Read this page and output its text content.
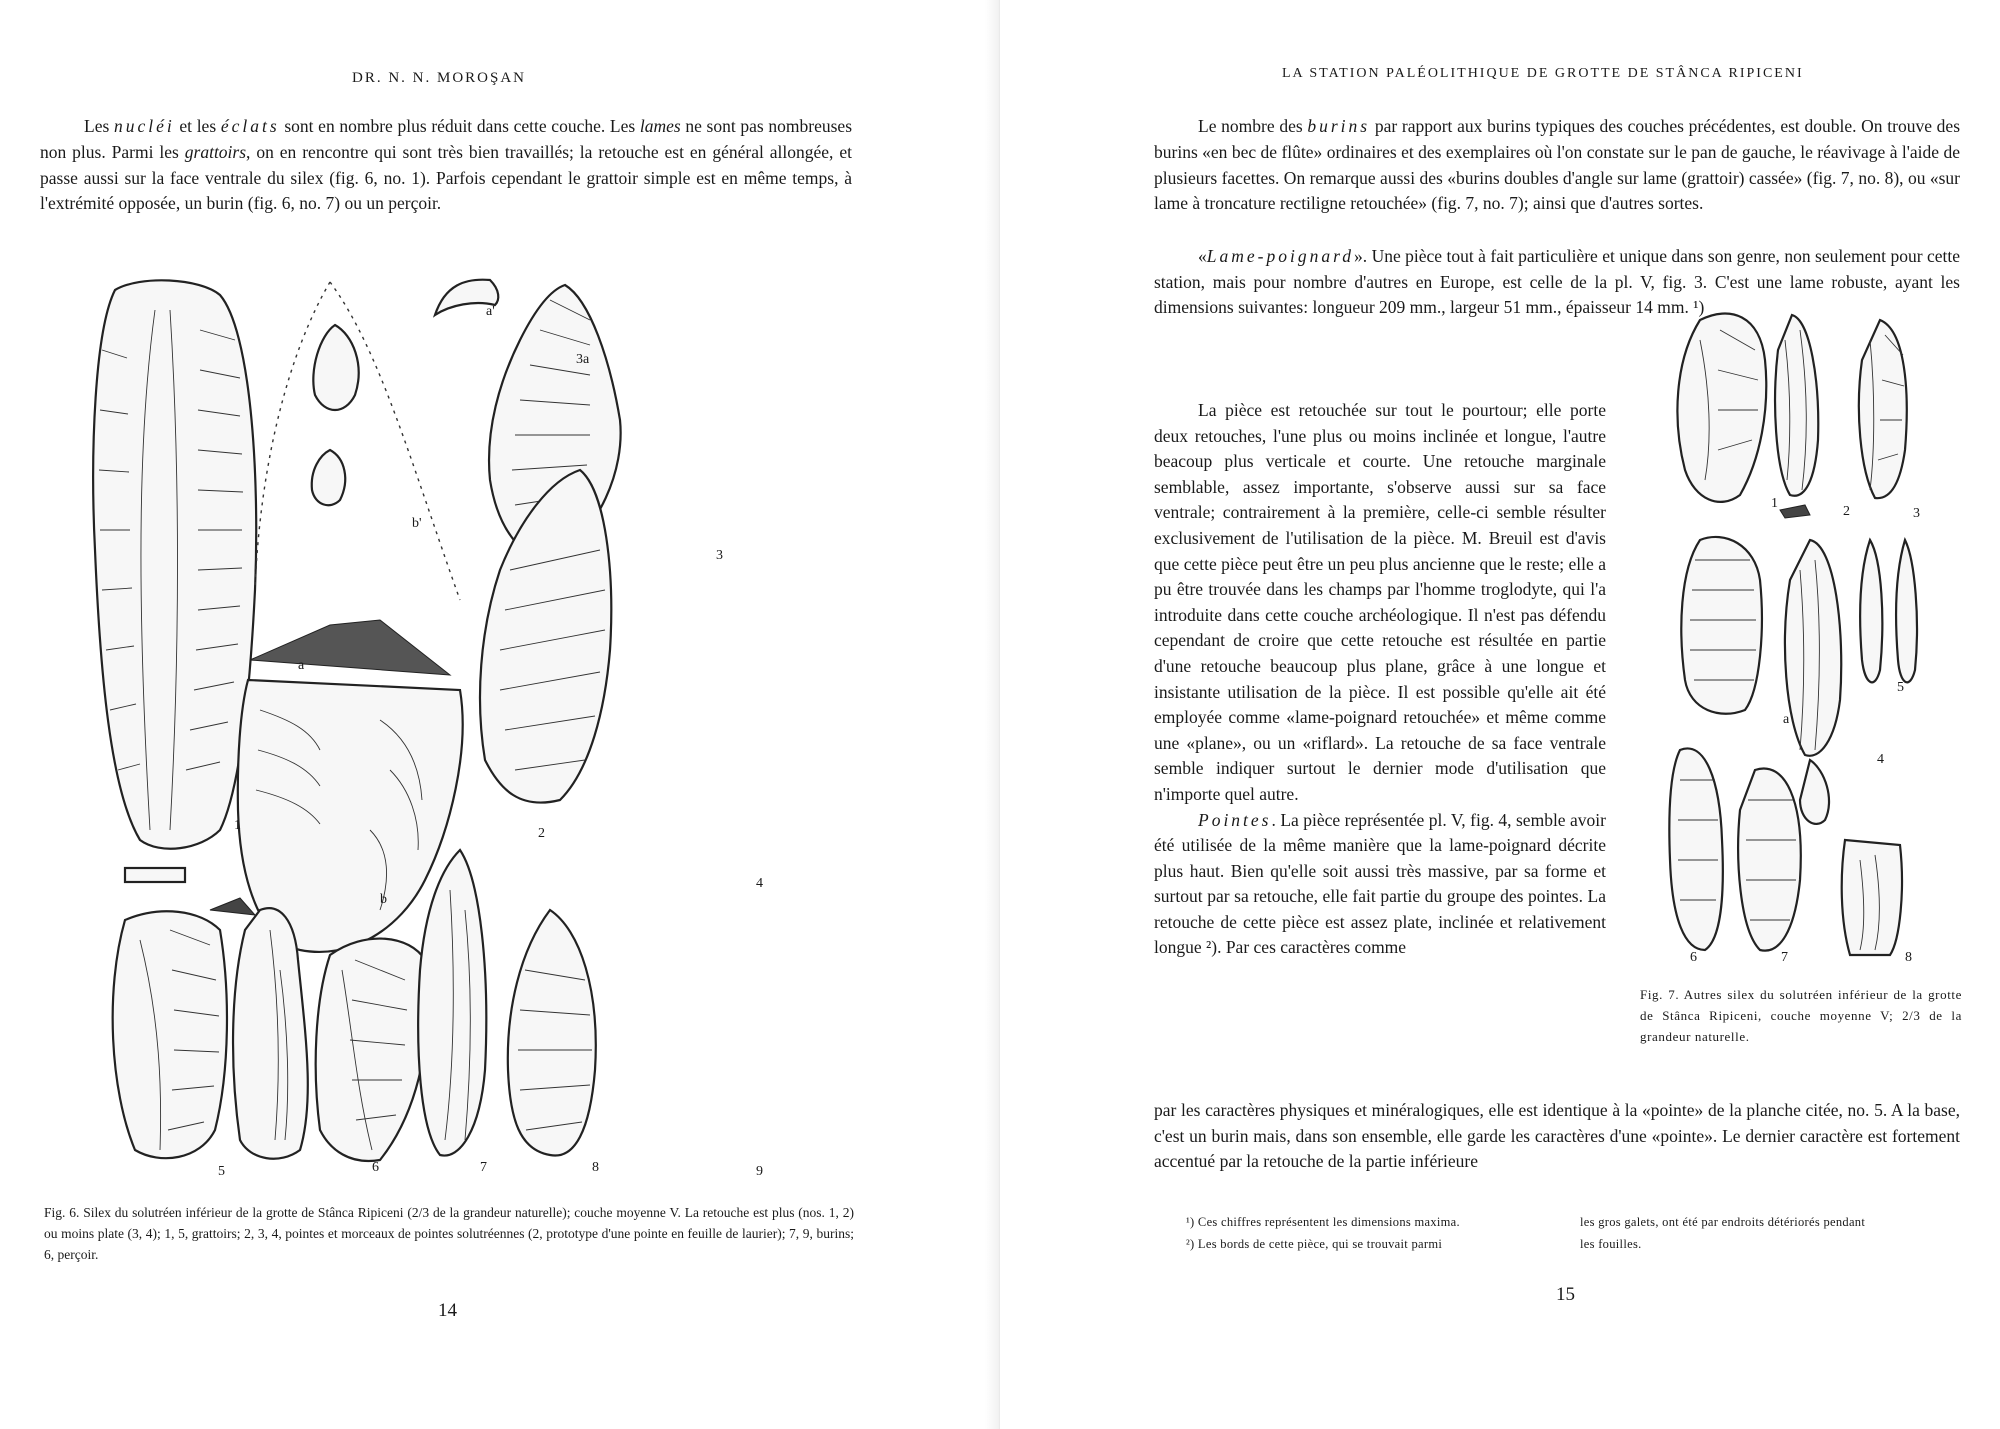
DR. N. N. MOROŞAN

Les nucléi et les éclats sont en nombre plus réduit dans cette couche. Les lames ne sont pas nombreuses non plus. Parmi les grattoirs, on en rencontre qui sont très bien travaillés; la retouche est en général allongée, et passe aussi sur la face ventrale du silex (fig. 6, no. 1). Parfois cependant le grattoir simple est en même temps, à l'extrémité opposée, un burin (fig. 6, no. 7) ou un perçoir.

1
2
3
3a
4
5	6	7	8	9
a
a'
b
b'
Fig. 6. Silex du solutréen inférieur de la grotte de Stânca Ripiceni (2/3 de la grandeur naturelle); couche moyenne V. La retouche est plus (nos. 1, 2) ou moins plate (3, 4); 1, 5, grattoirs; 2, 3, 4, pointes et morceaux de pointes solutréennes (2, prototype d'une pointe en feuille de laurier); 7, 9, burins; 6, perçoir.
14
LA STATION PALÉOLITHIQUE DE GROTTE DE STÂNCA RIPICENI

Le nombre des burins par rapport aux burins typiques des couches précédentes, est double. On trouve des burins «en bec de flûte» ordinaires et des exemplaires où l'on constate sur le pan de gauche, le réavivage à l'aide de plusieurs facettes. On remarque aussi des «burins doubles d'angle sur lame (grattoir) cassée» (fig. 7, no. 8), ou «sur lame à troncature rectiligne retouchée» (fig. 7, no. 7); ainsi que d'autres sortes.

«Lame-poignard». Une pièce tout à fait particulière et unique dans son genre, non seulement pour cette station, mais pour nombre d'autres en Europe, est celle de la pl. V, fig. 3. C'est une lame robuste, ayant les dimensions suivantes: longueur 209 mm., largeur 51 mm., épaisseur 14 mm. ¹)

La pièce est retouchée sur tout le pourtour; elle porte deux retouches, l'une plus ou moins inclinée et longue, l'autre beacoup plus verticale et courte. Une retouche marginale semblable, assez importante, s'observe aussi sur sa face ventrale; contrairement à la première, celle-ci semble résulter exclusivement de l'utilisation de la pièce. M. Breuil est d'avis que cette pièce peut être un peu plus ancienne que le reste; elle a pu être trouvée dans les champs par l'homme troglodyte, qui l'a introduite dans cette couche archéologique. Il n'est pas défendu cependant de croire que cette retouche est résultée en partie d'une retouche beaucoup plus plane, grâce à une longue et insistante utilisation de la pièce. Il est possible qu'elle ait été employée comme «lame-poignard retouchée» et même comme une «plane», ou un «riflard». La retouche de sa face ventrale semble indiquer surtout le dernier mode d'utilisation que n'importe quel autre.

Pointes. La pièce représentée pl. V, fig. 4, semble avoir été utilisée de la même manière que la lame-poignard décrite plus haut. Bien qu'elle soit aussi très massive, par sa forme et surtout par sa retouche, elle fait partie du groupe des pointes. La retouche de cette pièce est assez plate, inclinée et relativement longue ²). Par ces caractères comme

par les caractères physiques et minéralogiques, elle est identique à la «pointe» de la planche citée, no. 5. A la base, c'est un burin mais, dans son ensemble, elle garde les caractères d'une «pointe». Le dernier caractère est fortement accentué par la retouche de la partie inférieure

1
2	3
4
5
6	7	8
a
Fig. 7. Autres silex du solutréen inférieur de la grotte de Stânca Ripiceni, couche moyenne V; 2/3 de la grandeur naturelle.
¹) Ces chiffres représentent les dimensions maxima.
²) Les bords de cette pièce, qui se trouvait parmi
les gros galets, ont été par endroits détériorés pendant
les fouilles.
15
